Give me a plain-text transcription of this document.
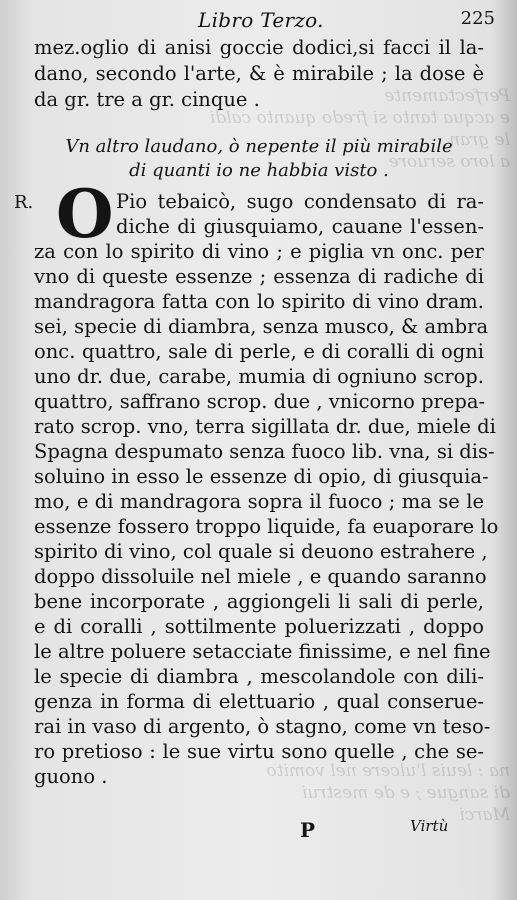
Perfectamente
e acqua tanto si fredo quanto caldi
le gran
a loro seruore
na : leuis l'ulcere nel vomito
di sangue ; e de mestrui
Marci
Libro Terzo.	225
mez.oglio di anisi goccie dodici,si facci il la-
dano, secondo l'arte, & è mirabile ; la dose è
da gr. tre a gr. cinque .
Vn altro laudano, ò nepente il più mirabile
di quanti io ne habbia visto .
R. O Pio tebaicò, sugo condensato di ra-
diche di giusquiamo, cauane l'essen-
za con lo spirito di vino ; e piglia vn onc. per
vno di queste essenze ; essenza di radiche di
mandragora fatta con lo spirito di vino dram.
sei, specie di diambra, senza musco, & ambra
onc. quattro, sale di perle, e di coralli di ogni
uno dr. due, carabe, mumia di ogniuno scrop.
quattro, saffrano scrop. due , vnicorno prepa-
rato scrop. vno, terra sigillata dr. due, miele di
Spagna despumato senza fuoco lib. vna, si dis-
soluino in esso le essenze di opio, di giusquia-
mo, e di mandragora sopra il fuoco ; ma se le
essenze fossero troppo liquide, fa euaporare lo
spirito di vino, col quale si deuono estrahere ,
doppo dissoluile nel miele , e quando saranno
bene incorporate , aggiongeli li sali di perle,
e di coralli , sottilmente poluerizzati , doppo
le altre poluere setacciate finissime, e nel fine
le specie di diambra , mescolandole con dili-
genza in forma di elettuario , qual conserue-
rai in vaso di argento, ò stagno, come vn teso-
ro pretioso : le sue virtu sono quelle , che se-
guono .
P	Virtù
